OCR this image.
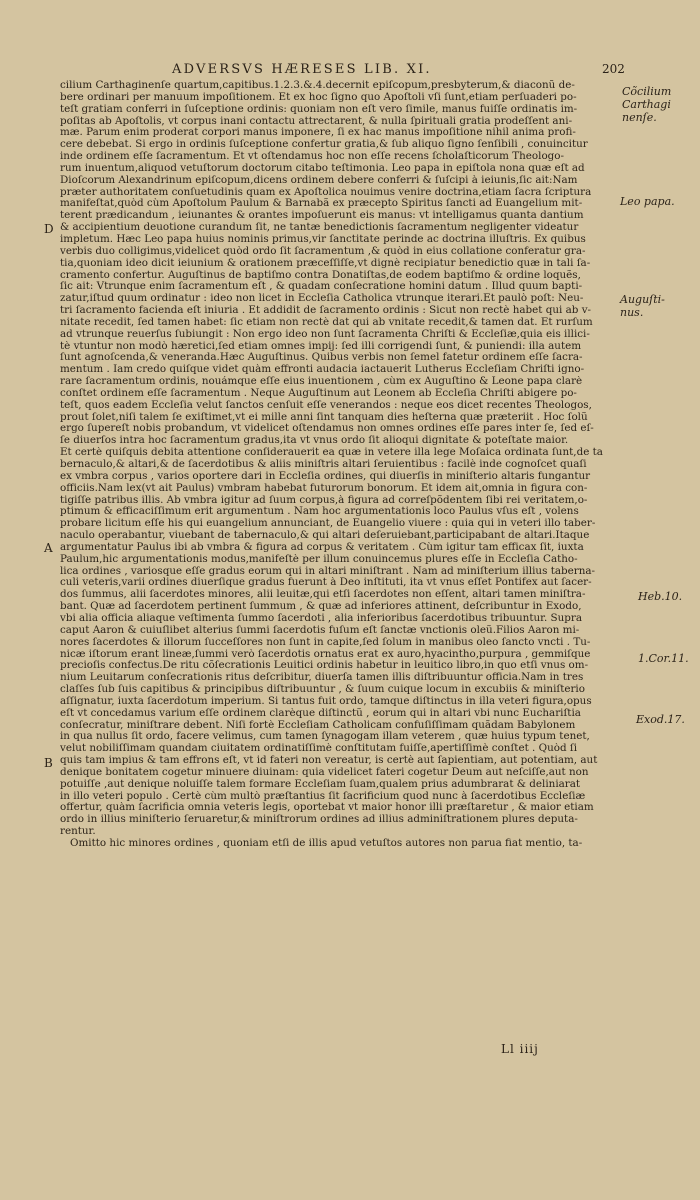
ADVERSVS HÆRESES LIB. XI.	202
cilium Carthaginenſe quartum,capitibus.1.2.3.&.4.decernit epiſcopum,presbyterum,& diaconũ de-
bere ordinari per manuum impoſitionem. Et ex hoc ſigno quo Apoſtoli vſi ſunt,etiam perſuaderi po-
teſt gratiam conferri in ſuſceptione ordinis: quoniam non eſt vero ſimile, manus fuiſſe ordinatis im-
poſitas ab Apoſtolis, vt corpus inani contactu attrectarent, & nulla ſpirituali gratia prodeſſent ani-
mæ. Parum enim proderat corpori manus imponere, ſi ex hac manus impoſitione nihil anima profi-
cere debebat. Si ergo in ordinis ſuſceptione confertur gratia,& ſub aliquo ſigno ſenſibili , conuincitur
inde ordinem eſſe ſacramentum. Et vt oſtendamus hoc non eſſe recens ſcholaſticorum Theologo-
rum inuentum,aliquod vetuſtorum doctorum citabo teſtimonia. Leo papa in epiſtola nona quæ eſt ad
Dioſcorum Alexandrinum epiſcopum,dicens ordinem debere conferri & ſuſcipi à ieiunis,ſic ait:Nam
præter authoritatem conſuetudinis quam ex Apoſtolica nouimus venire doctrina,etiam ſacra ſcriptura
manifeſtat,quòd cùm Apoſtolum Paulum & Barnabã ex præcepto Spiritus ſancti ad Euangelium mit-
terent prædicandum , ieiunantes & orantes impoſuerunt eis manus: vt intelligamus quanta dantium
& accipientium deuotione curandum ſit, ne tantæ benedictionis ſacramentum negligenter videatur
impletum. Hæc Leo papa huius nominis primus,vir ſanctitate perinde ac doctrina illuſtris. Ex quibus
verbis duo colligimus,videlicet quòd ordo ſit ſacramentum ,& quòd in eius collatione conferatur gra-
tia,quoniam ideo dicit ieiunium & orationem præceſſiſſe,vt dignè recipiatur benedictio quæ in tali ſa-
cramento confertur. Auguſtinus de baptiſmo contra Donatiſtas,de eodem baptiſmo & ordine loquẽs,
ſic ait: Vtrunque enim ſacramentum eſt , & quadam conſecratione homini datum . Illud quum bapti-
zatur,iſtud quum ordinatur : ideo non licet in Eccleſia Catholica vtrunque iterari.Et paulò poſt: Neu-
tri ſacramento facienda eſt iniuria . Et addidit de ſacramento ordinis : Sicut non rectè habet qui ab v-
nitate recedit, ſed tamen habet: ſic etiam non rectè dat qui ab vnitate recedit,& tamen dat. Et rurſum
ad vtrunque reuerſus ſubiungit : Non ergo ideo non ſunt ſacramenta Chriſti & Eccleſiæ,quia eis illici-
tè vtuntur non modò hæretici,ſed etiam omnes impij: ſed illi corrigendi ſunt, & puniendi: illa autem
ſunt agnoſcenda,& veneranda.Hæc Auguſtinus. Quibus verbis non ſemel fatetur ordinem eſſe ſacra-
mentum . Iam credo quiſque videt quàm effronti audacia iactauerit Lutherus Eccleſiam Chriſti igno-
rare ſacramentum ordinis, nouámque eſſe eius inuentionem , cùm ex Auguſtino & Leone papa clarè
conſtet ordinem eſſe ſacramentum . Neque Auguſtinum aut Leonem ab Eccleſia Chriſti abigere po-
teſt, quos eadem Eccleſia velut ſanctos cenſuit eſſe venerandos : neque eos dicet recentes Theologos,
prout ſolet,niſi talem ſe exiſtimet,vt ei mille anni ſint tanquam dies heſterna quæ præteriit . Hoc ſolũ
ergo ſupereſt nobis probandum, vt videlicet oſtendamus non omnes ordines eſſe pares inter ſe, ſed eſ-
ſe diuerſos intra hoc ſacramentum gradus,ita vt vnus ordo ſit alioqui dignitate & poteſtate maior.
Et certè quiſquis debita attentione conſiderauerit ea quæ in vetere illa lege Moſaica ordinata ſunt,de ta
bernaculo,& altari,& de ſacerdotibus & aliis miniſtris altari ſeruientibus : facilè inde cognoſcet quaſi
ex vmbra corpus , varios oportere dari in Eccleſia ordines, qui diuerſis in miniſterio altaris fungantur
officiis.Nam lex(vt ait Paulus) vmbram habebat futurorum bonorum. Et idem ait,omnia in figura con-
tigiſſe patribus illis. Ab vmbra igitur ad ſuum corpus,à figura ad correſpõdentem ſibi rei veritatem,o-
ptimum & efficaciſſimum erit argumentum . Nam hoc argumentationis loco Paulus vſus eſt , volens
probare licitum eſſe his qui euangelium annunciant, de Euangelio viuere : quia qui in veteri illo taber-
naculo operabantur, viuebant de tabernaculo,& qui altari deſeruiebant,participabant de altari.Itaque
argumentatur Paulus ibi ab vmbra & figura ad corpus & veritatem . Cùm igitur tam efficax ſit, iuxta
Paulum,hic argumentationis modus,manifeſtè per illum conuincemus plures eſſe in Eccleſia Catho-
lica ordines , variosque eſſe gradus eorum qui in altari miniſtrant . Nam ad miniſterium illius taberna-
culi veteris,varii ordines diuerſique gradus fuerunt à Deo inſtituti, ita vt vnus eſſet Pontifex aut ſacer-
dos ſummus, alii ſacerdotes minores, alii leuitæ,qui etſi ſacerdotes non eſſent, altari tamen miniſtra-
bant. Quæ ad ſacerdotem pertinent ſummum , & quæ ad inferiores attinent, deſcribuntur in Exodo,
vbi alia officia aliaque veſtimenta ſummo ſacerdoti , alia inferioribus ſacerdotibus tribuuntur. Supra
caput Aaron & cuiuſlibet alterius ſummi ſacerdotis fuſum eſt ſanctæ vnctionis oleũ.Filios Aaron mi-
nores ſacerdotes & illorum ſucceſſores non ſunt in capite,ſed ſolum in manibus oleo ſancto vncti . Tu-
nicæ iſtorum erant lineæ,ſummi verò ſacerdotis ornatus erat ex auro,hyacintho,purpura , gemmiſque
precioſis confectus.De ritu cõſecrationis Leuitici ordinis habetur in leuitico libro,in quo etſi vnus om-
nium Leuitarum conſecrationis ritus deſcribitur, diuerſa tamen illis diſtribuuntur officia.Nam in tres
claſſes ſub ſuis capitibus & principibus diſtribuuntur , & ſuum cuique locum in excubiis & miniſterio
aſſignatur, iuxta ſacerdotum imperium. Si tantus fuit ordo, tamque diſtinctus in illa veteri figura,opus
eſt vt concedamus varium eſſe ordinem clarèque diſtinctũ , eorum qui in altari vbi nunc Euchariſtia
conſecratur, miniſtrare debent. Niſi fortè Eccleſiam Catholicam confuſiſſimam quãdam Babylonem
in qua nullus ſit ordo, facere velimus, cum tamen ſynagogam illam veterem , quæ huius typum tenet,
velut nobiliſſimam quandam ciuitatem ordinatiſſimè conſtitutam fuiſſe,apertiſſimè conſtet . Quòd ſi
quis tam impius & tam effrons eſt, vt id fateri non vereatur, is certè aut ſapientiam, aut potentiam, aut
denique bonitatem cogetur minuere diuinam: quia videlicet fateri cogetur Deum aut neſciſſe,aut non
potuiſſe ,aut denique noluiſſe talem formare Eccleſiam ſuam,qualem prius adumbrarat & deliniarat
in illo veteri populo . Certè cùm multò præſtantius ſit ſacrificium quod nunc à ſacerdotibus Eccleſiæ
offertur, quàm ſacrificia omnia veteris legis, oportebat vt maior honor illi præſtaretur , & maior etiam
ordo in illius miniſterio ſeruaretur,& miniſtrorum ordines ad illius adminiſtrationem plures deputa-
rentur.
Omitto hic minores ordines , quoniam etſi de illis apud vetuſtos autores non parua fiat mentio, ta-
Cõcilium
Carthagi
nenſe.
Leo papa.
Auguſti-
nus.
Heb.10.
1.Cor.11.
Exod.17.
D
A
B
Ll iiij
